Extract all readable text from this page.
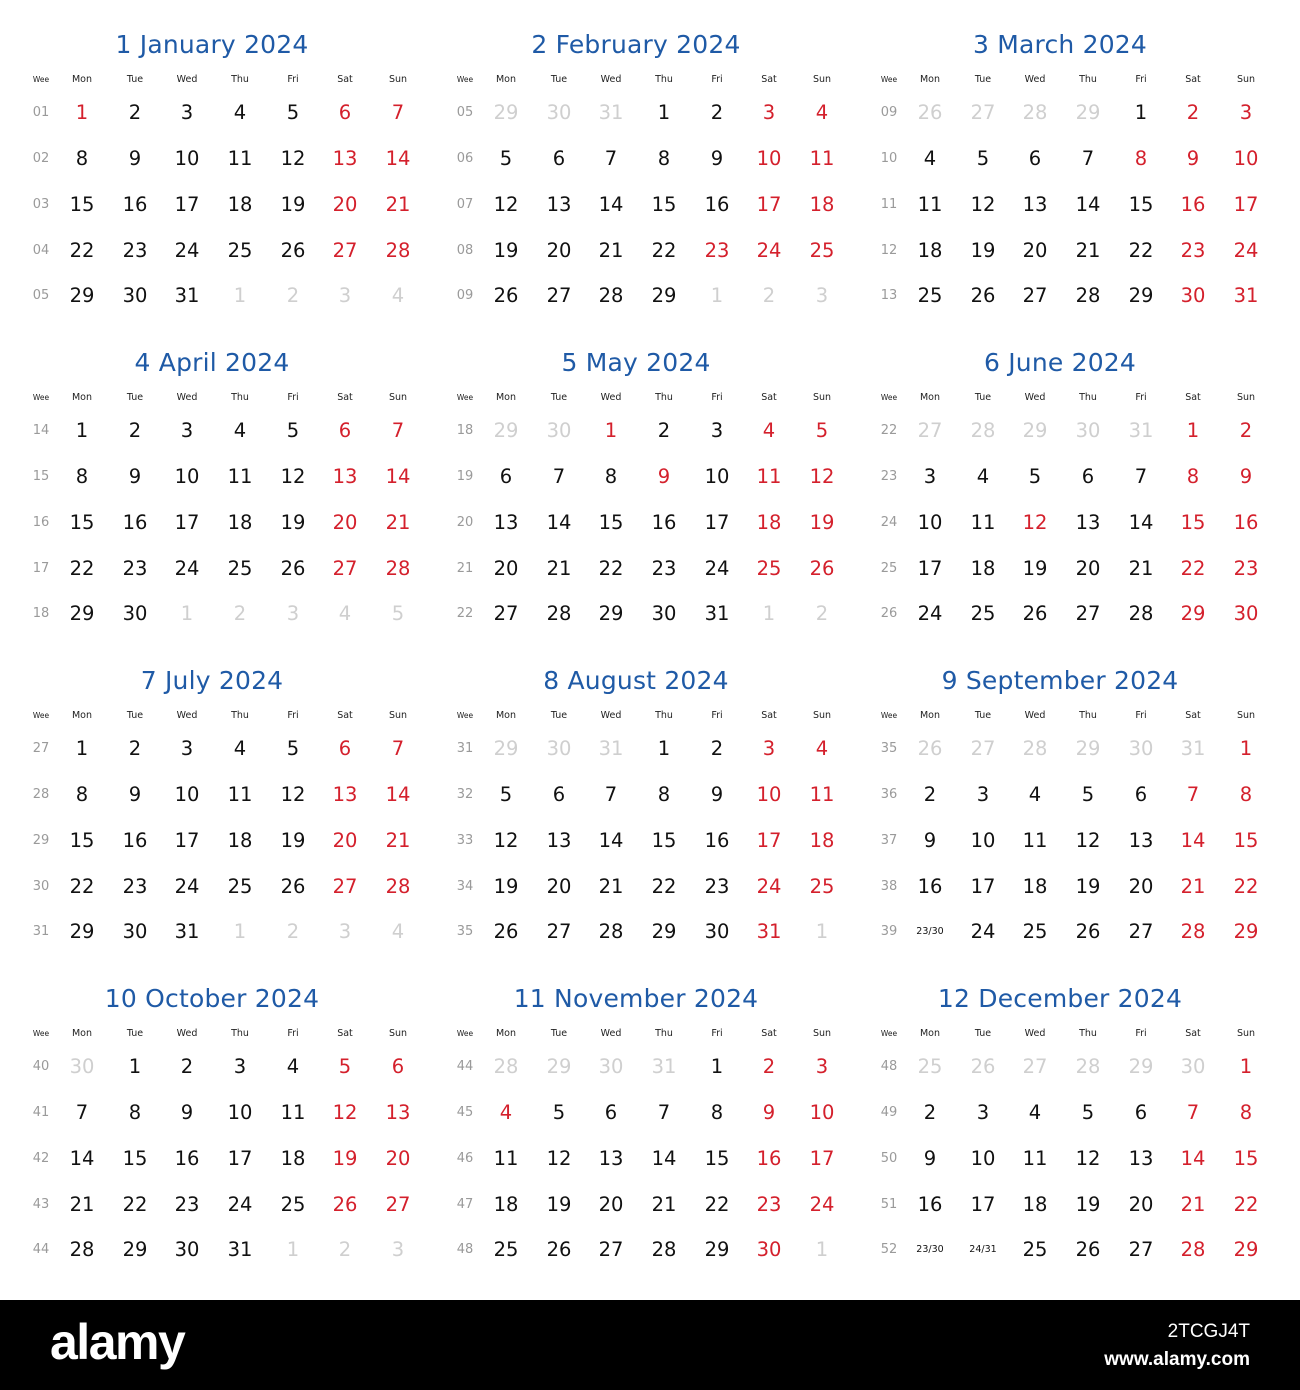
1 January 2024
Wee	Mon	Tue	Wed	Thu	Fri	Sat	Sun
01	1	2	3	4	5	6	7
02	8	9	10	11	12	13	14
03	15	16	17	18	19	20	21
04	22	23	24	25	26	27	28
05	29	30	31	1	2	3	4
2 February 2024
Wee	Mon	Tue	Wed	Thu	Fri	Sat	Sun
05	29	30	31	1	2	3	4
06	5	6	7	8	9	10	11
07	12	13	14	15	16	17	18
08	19	20	21	22	23	24	25
09	26	27	28	29	1	2	3
3 March 2024
Wee	Mon	Tue	Wed	Thu	Fri	Sat	Sun
09	26	27	28	29	1	2	3
10	4	5	6	7	8	9	10
11	11	12	13	14	15	16	17
12	18	19	20	21	22	23	24
13	25	26	27	28	29	30	31
4 April 2024
Wee	Mon	Tue	Wed	Thu	Fri	Sat	Sun
14	1	2	3	4	5	6	7
15	8	9	10	11	12	13	14
16	15	16	17	18	19	20	21
17	22	23	24	25	26	27	28
18	29	30	1	2	3	4	5
5 May 2024
Wee	Mon	Tue	Wed	Thu	Fri	Sat	Sun
18	29	30	1	2	3	4	5
19	6	7	8	9	10	11	12
20	13	14	15	16	17	18	19
21	20	21	22	23	24	25	26
22	27	28	29	30	31	1	2
6 June 2024
Wee	Mon	Tue	Wed	Thu	Fri	Sat	Sun
22	27	28	29	30	31	1	2
23	3	4	5	6	7	8	9
24	10	11	12	13	14	15	16
25	17	18	19	20	21	22	23
26	24	25	26	27	28	29	30
7 July 2024
Wee	Mon	Tue	Wed	Thu	Fri	Sat	Sun
27	1	2	3	4	5	6	7
28	8	9	10	11	12	13	14
29	15	16	17	18	19	20	21
30	22	23	24	25	26	27	28
31	29	30	31	1	2	3	4
8 August 2024
Wee	Mon	Tue	Wed	Thu	Fri	Sat	Sun
31	29	30	31	1	2	3	4
32	5	6	7	8	9	10	11
33	12	13	14	15	16	17	18
34	19	20	21	22	23	24	25
35	26	27	28	29	30	31	1
9 September 2024
Wee	Mon	Tue	Wed	Thu	Fri	Sat	Sun
35	26	27	28	29	30	31	1
36	2	3	4	5	6	7	8
37	9	10	11	12	13	14	15
38	16	17	18	19	20	21	22
39	23/30	24	25	26	27	28	29
10 October 2024
Wee	Mon	Tue	Wed	Thu	Fri	Sat	Sun
40	30	1	2	3	4	5	6
41	7	8	9	10	11	12	13
42	14	15	16	17	18	19	20
43	21	22	23	24	25	26	27
44	28	29	30	31	1	2	3
11 November 2024
Wee	Mon	Tue	Wed	Thu	Fri	Sat	Sun
44	28	29	30	31	1	2	3
45	4	5	6	7	8	9	10
46	11	12	13	14	15	16	17
47	18	19	20	21	22	23	24
48	25	26	27	28	29	30	1
12 December 2024
Wee	Mon	Tue	Wed	Thu	Fri	Sat	Sun
48	25	26	27	28	29	30	1
49	2	3	4	5	6	7	8
50	9	10	11	12	13	14	15
51	16	17	18	19	20	21	22
52	23/30	24/31	25	26	27	28	29
alamy	2TCGJ4T
www.alamy.com
